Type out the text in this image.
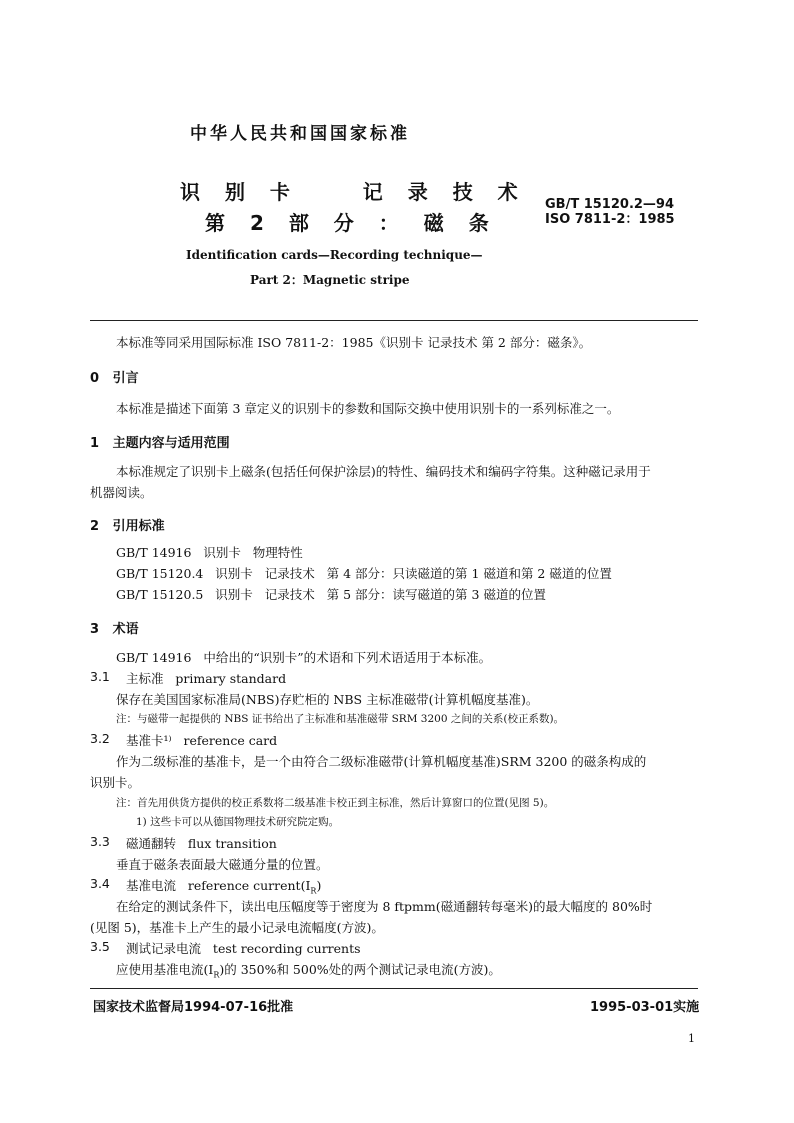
中华人民共和国国家标准
识 别 卡    记 录 技 术
第 2 部 分 ： 磁 条
GB/T 15120.2—94
ISO 7811-2：1985
Identification cards—Recording technique—
Part 2：Magnetic stripe
本标准等同采用国际标准 ISO 7811-2：1985《识别卡 记录技术 第 2 部分：磁条》。
0   引言
本标准是描述下面第 3 章定义的识别卡的参数和国际交换中使用识别卡的一系列标准之一。
1   主题内容与适用范围
本标准规定了识别卡上磁条(包括任何保护涂层)的特性、编码技术和编码字符集。这种磁记录用于
机器阅读。
2   引用标准
GB/T 14916   识别卡   物理特性
GB/T 15120.4   识别卡   记录技术   第 4 部分：只读磁道的第 1 磁道和第 2 磁道的位置
GB/T 15120.5   识别卡   记录技术   第 5 部分：读写磁道的第 3 磁道的位置
3   术语
GB/T 14916   中给出的“识别卡”的术语和下列术语适用于本标准。
3.1 主标准   primary standard
保存在美国国家标准局(NBS)存贮柜的 NBS 主标准磁带(计算机幅度基准)。
注：与磁带一起提供的 NBS 证书给出了主标准和基准磁带 SRM 3200 之间的关系(校正系数)。
3.2 基准卡¹⁾   reference card
作为二级标准的基准卡，是一个由符合二级标准磁带(计算机幅度基准)SRM 3200 的磁条构成的
识别卡。
注：首先用供货方提供的校正系数将二级基准卡校正到主标准，然后计算窗口的位置(见图 5)。
1) 这些卡可以从德国物理技术研究院定购。
3.3 磁通翻转   flux transition
垂直于磁条表面最大磁通分量的位置。
3.4 基准电流   reference $current(I_R)$
在给定的测试条件下，读出电压幅度等于密度为 8 ftpmm(磁通翻转每毫米)的最大幅度的 80%时
(见图 5)，基准卡上产生的最小记录电流幅度(方波)。
3.5 测试记录电流   test recording currents
应使用基准电流$(I_R)$的 350%和 500%处的两个测试记录电流(方波)。
国家技术监督局1994-07-16批准	1995-03-01实施
1
